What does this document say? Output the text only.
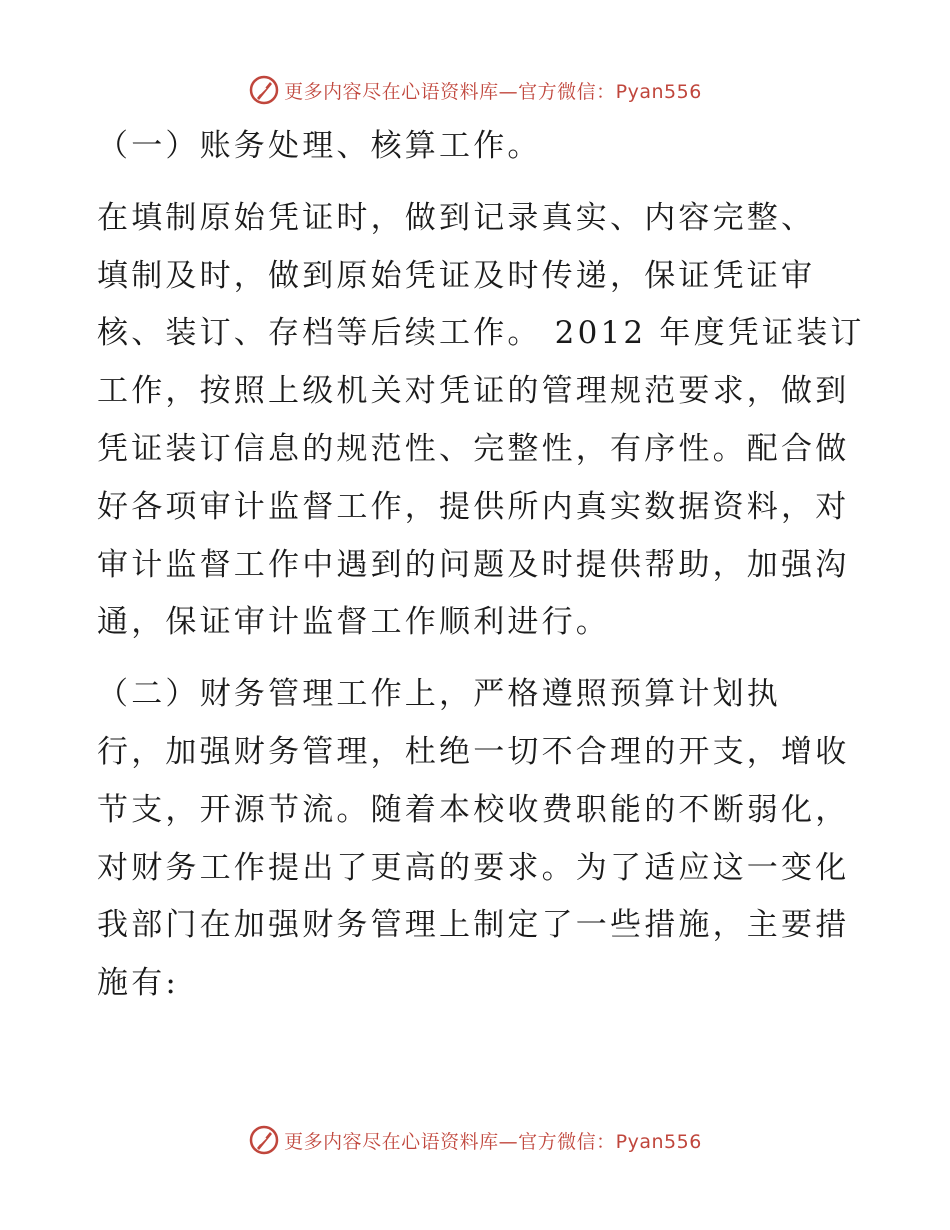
更多内容尽在心语资料库—官方微信：Pyan556
（一）账务处理、核算工作。
在填制原始凭证时，做到记录真实、内容完整、
填制及时，做到原始凭证及时传递，保证凭证审
核、装订、存档等后续工作。 2012 年度凭证装订
工作，按照上级机关对凭证的管理规范要求，做到
凭证装订信息的规范性、完整性，有序性。配合做
好各项审计监督工作，提供所内真实数据资料，对
审计监督工作中遇到的问题及时提供帮助，加强沟
通，保证审计监督工作顺利进行。
（二）财务管理工作上，严格遵照预算计划执
行，加强财务管理，杜绝一切不合理的开支，增收
节支，开源节流。随着本校收费职能的不断弱化，
对财务工作提出了更高的要求。为了适应这一变化
我部门在加强财务管理上制定了一些措施，主要措
施有:
更多内容尽在心语资料库—官方微信：Pyan556
